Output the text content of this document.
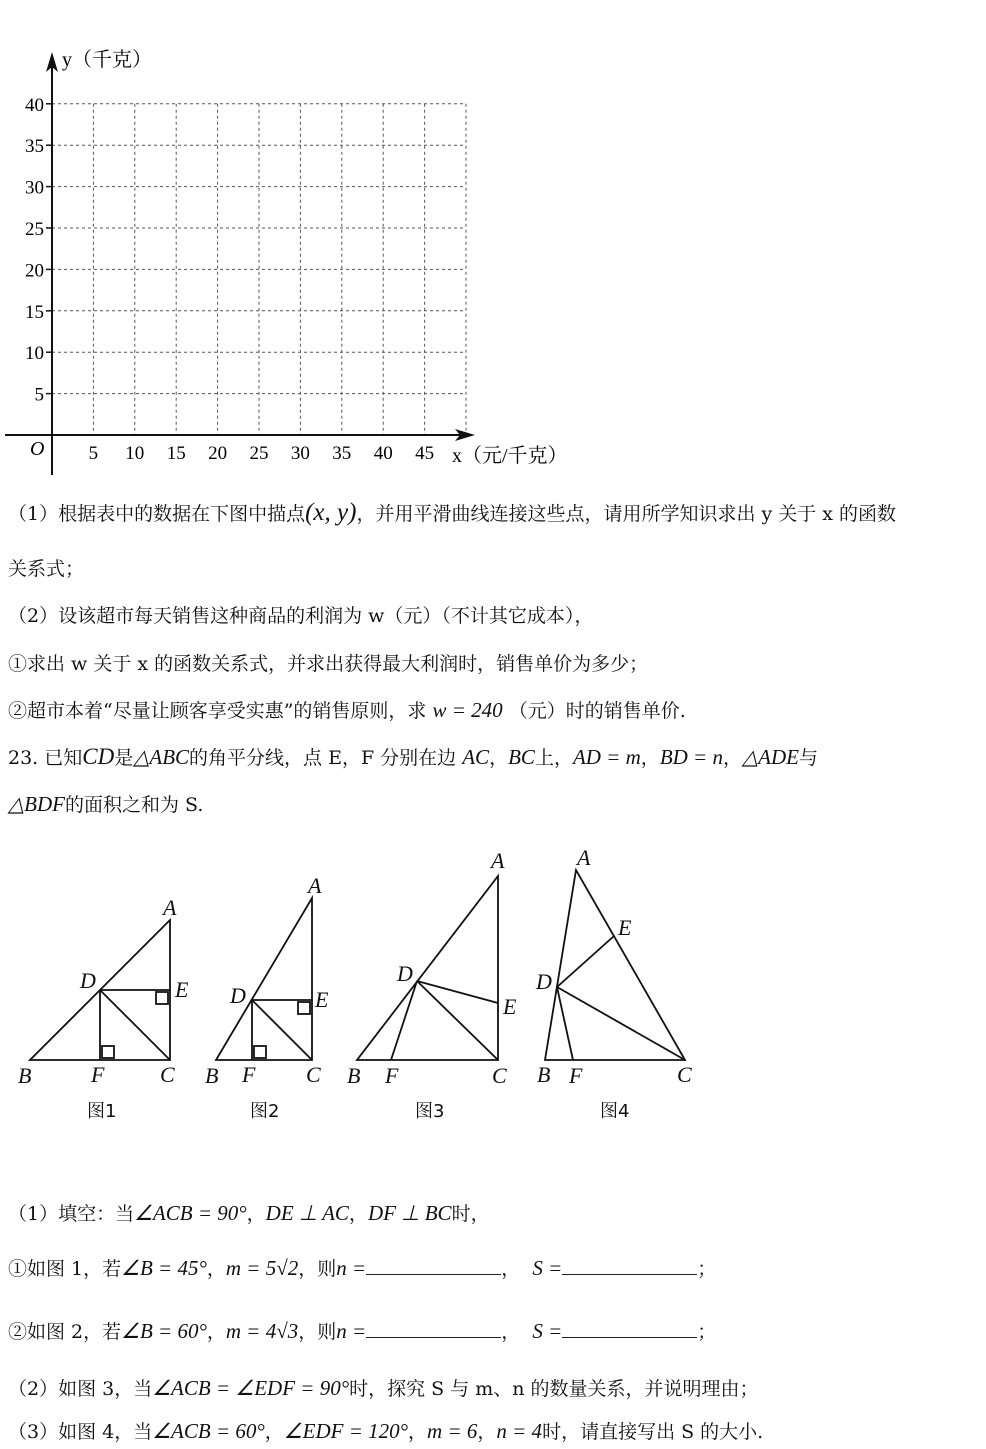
y（千克）
x（元/千克）
O
5
10
15
20
25
30
35
40
5 10 15 20 25 30 35 40 45
（1）根据表中的数据在下图中描点(x, y)，并用平滑曲线连接这些点，请用所学知识求出 y 关于 x 的函数
关系式；
（2）设该超市每天销售这种商品的利润为 w（元）（不计其它成本），
①求出 w 关于 x 的函数关系式，并求出获得最大利润时，销售单价为多少；
②超市本着“尽量让顾客享受实惠”的销售原则，求 w = 240 （元）时的销售单价.
23. 已知CD是△ABC的角平分线，点 E，F 分别在边 AC，BC上，AD = m，BD = n，△ADE与
△BDF的面积之和为 S.
A
D	E
B	F	C
A
D	E
B F C
A
D
E
B F	C
A
E
D
B F	C
图1	图2	图3	图4
（1）填空：当∠ACB = 90°，DE ⊥ AC，DF ⊥ BC时，
①如图 1，若∠B = 45°，m = 5√2，则n =	， S =	；
②如图 2，若∠B = 60°，m = 4√3，则n =	， S =	；
（2）如图 3，当∠ACB = ∠EDF = 90°时，探究 S 与 m、n 的数量关系，并说明理由；
（3）如图 4，当∠ACB = 60°，∠EDF = 120°，m = 6，n = 4时，请直接写出 S 的大小.
